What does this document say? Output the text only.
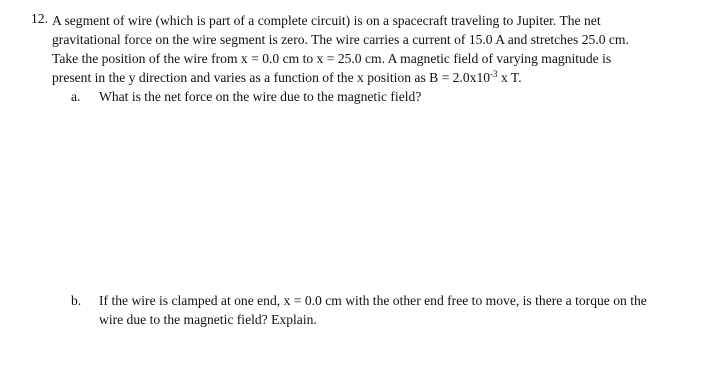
12. A segment of wire (which is part of a complete circuit) is on a spacecraft traveling to Jupiter. The net
gravitational force on the wire segment is zero. The wire carries a current of 15.0 A and stretches 25.0 cm.
Take the position of the wire from x = 0.0 cm to x = 25.0 cm. A magnetic field of varying magnitude is
present in the y direction and varies as a function of the x position as $B = 2.0x10^{-3}$ x T.
a. What is the net force on the wire due to the magnetic field?
b. If the wire is clamped at one end, x = 0.0 cm with the other end free to move, is there a torque on the
wire due to the magnetic field? Explain.
